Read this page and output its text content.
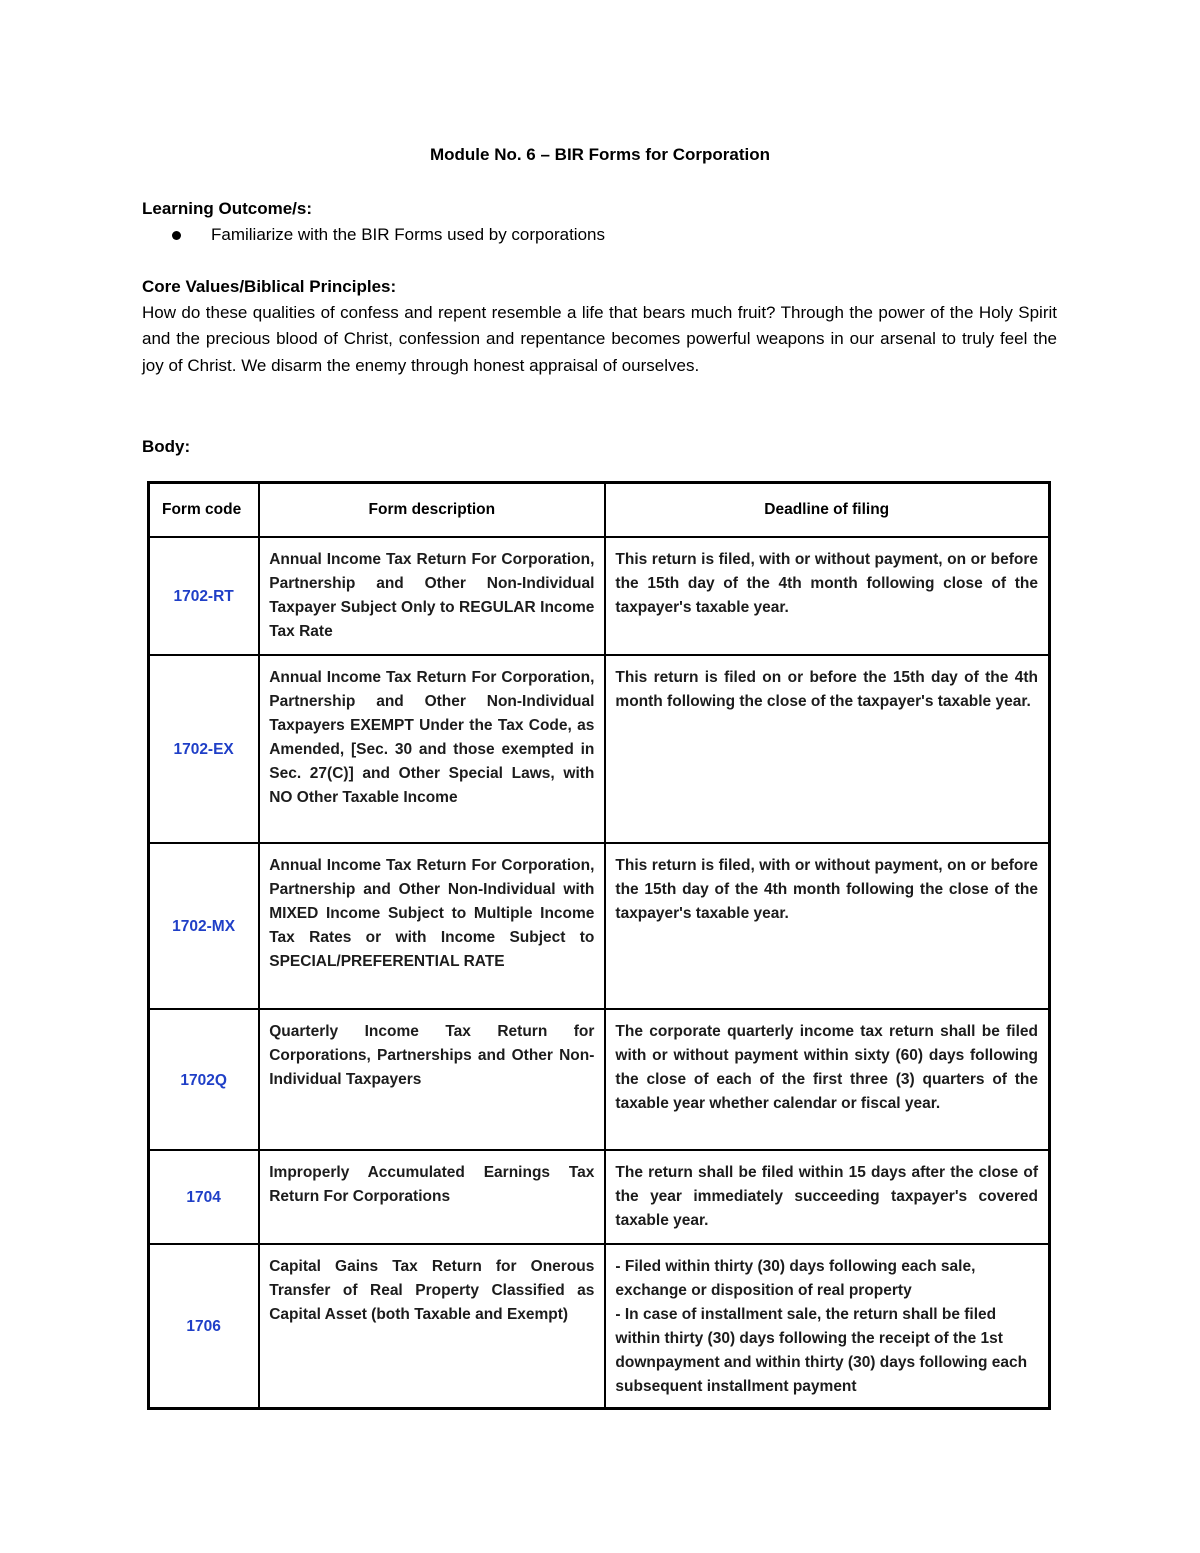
Module No. 6 – BIR Forms for Corporation
Learning Outcome/s:
Familiarize with the BIR Forms used by corporations
Core Values/Biblical Principles:
How do these qualities of confess and repent resemble a life that bears much fruit? Through the power of the Holy Spirit and the precious blood of Christ, confession and repentance becomes powerful weapons in our arsenal to truly feel the joy of Christ. We disarm the enemy through honest appraisal of ourselves.
Body:
Form code	Form description	Deadline of filing
1702-RT	Annual Income Tax Return For Corporation, Partnership and Other Non-Individual Taxpayer Subject Only to REGULAR Income Tax Rate	This return is filed, with or without payment, on or before the 15th day of the 4th month following close of the taxpayer's taxable year.
1702-EX	Annual Income Tax Return For Corporation, Partnership and Other Non-Individual Taxpayers EXEMPT Under the Tax Code, as Amended, [Sec. 30 and those exempted in Sec. 27(C)] and Other Special Laws, with NO Other Taxable Income	This return is filed on or before the 15th day of the 4th month following the close of the taxpayer's taxable year.
1702-MX	Annual Income Tax Return For Corporation, Partnership and Other Non-Individual with MIXED Income Subject to Multiple Income Tax Rates or with Income Subject to SPECIAL/PREFERENTIAL RATE	This return is filed, with or without payment, on or before the 15th day of the 4th month following the close of the taxpayer's taxable year.
1702Q	Quarterly Income Tax Return for Corporations, Partnerships and Other Non-Individual Taxpayers	The corporate quarterly income tax return shall be filed with or without payment within sixty (60) days following the close of each of the first three (3) quarters of the taxable year whether calendar or fiscal year.
1704	Improperly Accumulated Earnings Tax Return For Corporations	The return shall be filed within 15 days after the close of the year immediately succeeding taxpayer's covered taxable year.
1706	Capital Gains Tax Return for Onerous Transfer of Real Property Classified as Capital Asset (both Taxable and Exempt)	- Filed within thirty (30) days following each sale, exchange or disposition of real property
- In case of installment sale, the return shall be filed within thirty (30) days following the receipt of the 1st downpayment and within thirty (30) days following each subsequent installment payment
